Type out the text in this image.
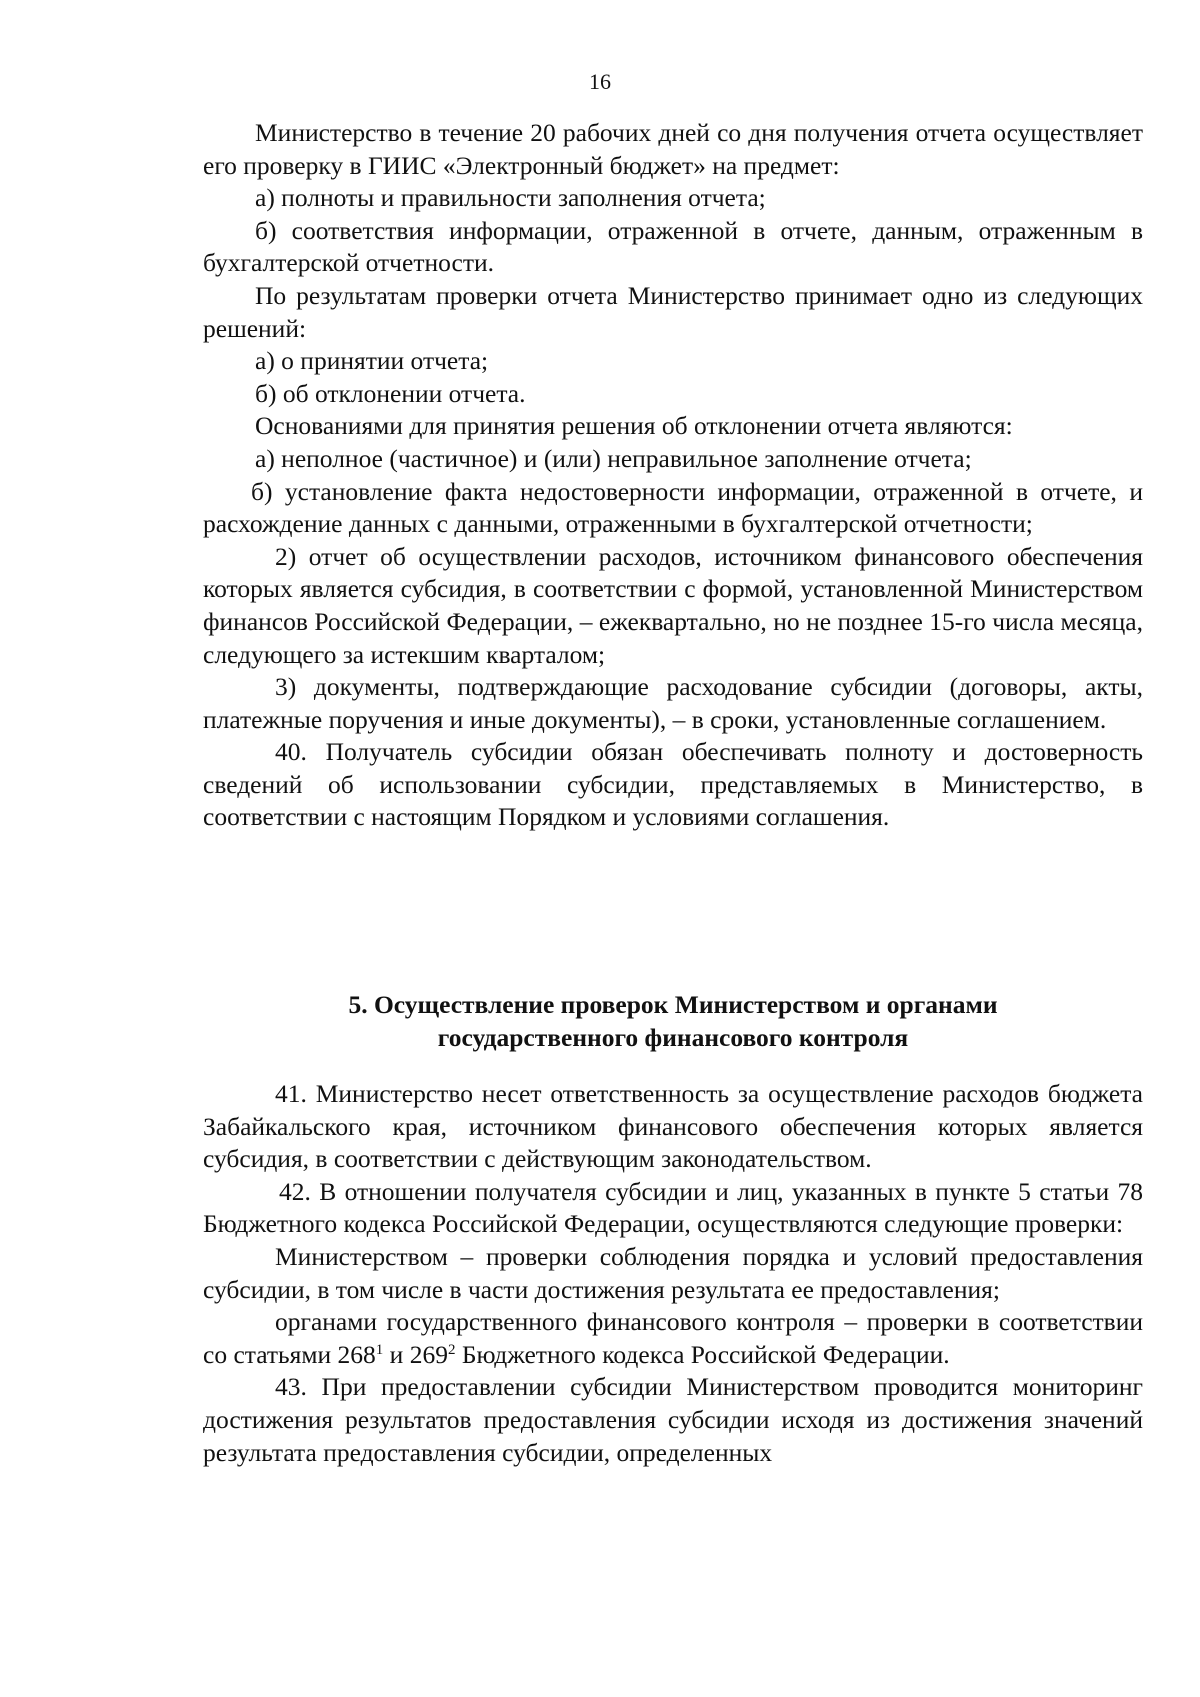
16

Министерство в течение 20 рабочих дней со дня получения отчета осуществляет его проверку в ГИИС «Электронный бюджет» на предмет:

а) полноты и правильности заполнения отчета;

б) соответствия информации, отраженной в отчете, данным, отраженным в бухгалтерской отчетности.

По результатам проверки отчета Министерство принимает одно из следующих решений:

а) о принятии отчета;

б) об отклонении отчета.

Основаниями для принятия решения об отклонении отчета являются:

а) неполное (частичное) и (или) неправильное заполнение отчета;

б) установление факта недостоверности информации, отраженной в отчете, и расхождение данных с данными, отраженными в бухгалтерской отчетности;

2) отчет об осуществлении расходов, источником финансового обеспечения которых является субсидия, в соответствии с формой, установленной Министерством финансов Российской Федерации, – ежеквартально, но не позднее 15-го числа месяца, следующего за истекшим кварталом;

3) документы, подтверждающие расходование субсидии (договоры, акты, платежные поручения и иные документы), – в сроки, установленные соглашением.

40. Получатель субсидии обязан обеспечивать полноту и достоверность сведений об использовании субсидии, представляемых в Министерство, в соответствии с настоящим Порядком и условиями соглашения.

5. Осуществление проверок Министерством и органами

государственного финансового контроля

41. Министерство несет ответственность за осуществление расходов бюджета Забайкальского края, источником финансового обеспечения которых является субсидия, в соответствии с действующим законодательством.

42. В отношении получателя субсидии и лиц, указанных в пункте 5 статьи 78 Бюджетного кодекса Российской Федерации, осуществляются следующие проверки:

Министерством – проверки соблюдения порядка и условий предоставления субсидии, в том числе в части достижения результата ее предоставления;

органами государственного финансового контроля – проверки в соответствии со статьями $268^1$ и $269^2$ Бюджетного кодекса Российской Федерации.

43. При предоставлении субсидии Министерством проводится мониторинг достижения результатов предоставления субсидии исходя из достижения значений результата предоставления субсидии, определенных
